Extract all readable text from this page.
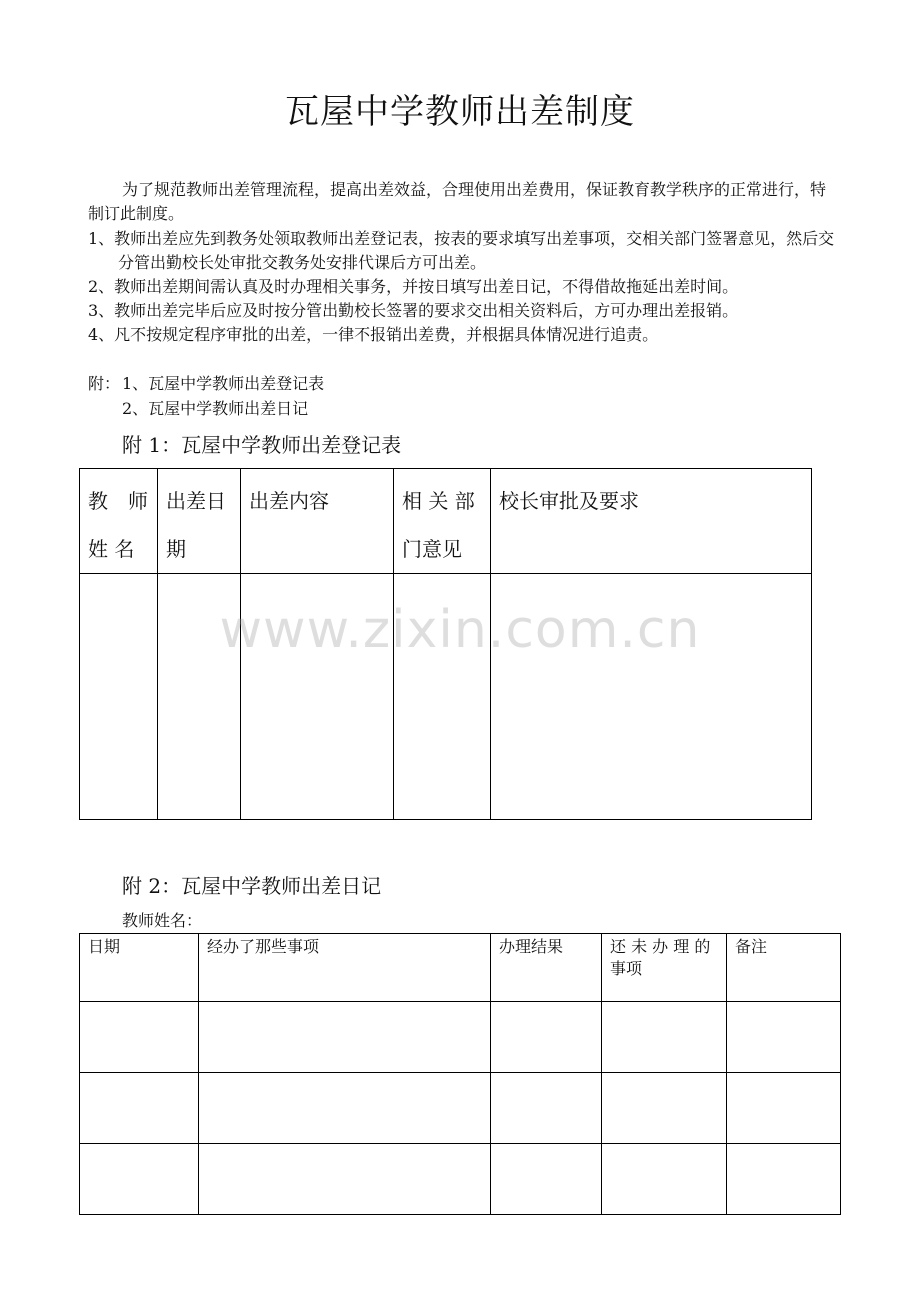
瓦屋中学教师出差制度
为了规范教师出差管理流程，提高出差效益，合理使用出差费用，保证教育教学秩序的正常进行，特制订此制度。
1、教师出差应先到教务处领取教师出差登记表，按表的要求填写出差事项，交相关部门签署意见，然后交分管出勤校长处审批交教务处安排代课后方可出差。
2、教师出差期间需认真及时办理相关事务，并按日填写出差日记，不得借故拖延出差时间。
3、教师出差完毕后应及时按分管出勤校长签署的要求交出相关资料后，方可办理出差报销。
4、凡不按规定程序审批的出差，一律不报销出差费，并根据具体情况进行追责。
附： 1、瓦屋中学教师出差登记表
2、瓦屋中学教师出差日记
附 1：瓦屋中学教师出差登记表
教　师姓 名	出差日期	出差内容	相 关 部门意见	校长审批及要求

www.zixin.com.cn
附 2：瓦屋中学教师出差日记
教师姓名：
日期	经办了那些事项	办理结果	还 未 办 理 的事项	备注
